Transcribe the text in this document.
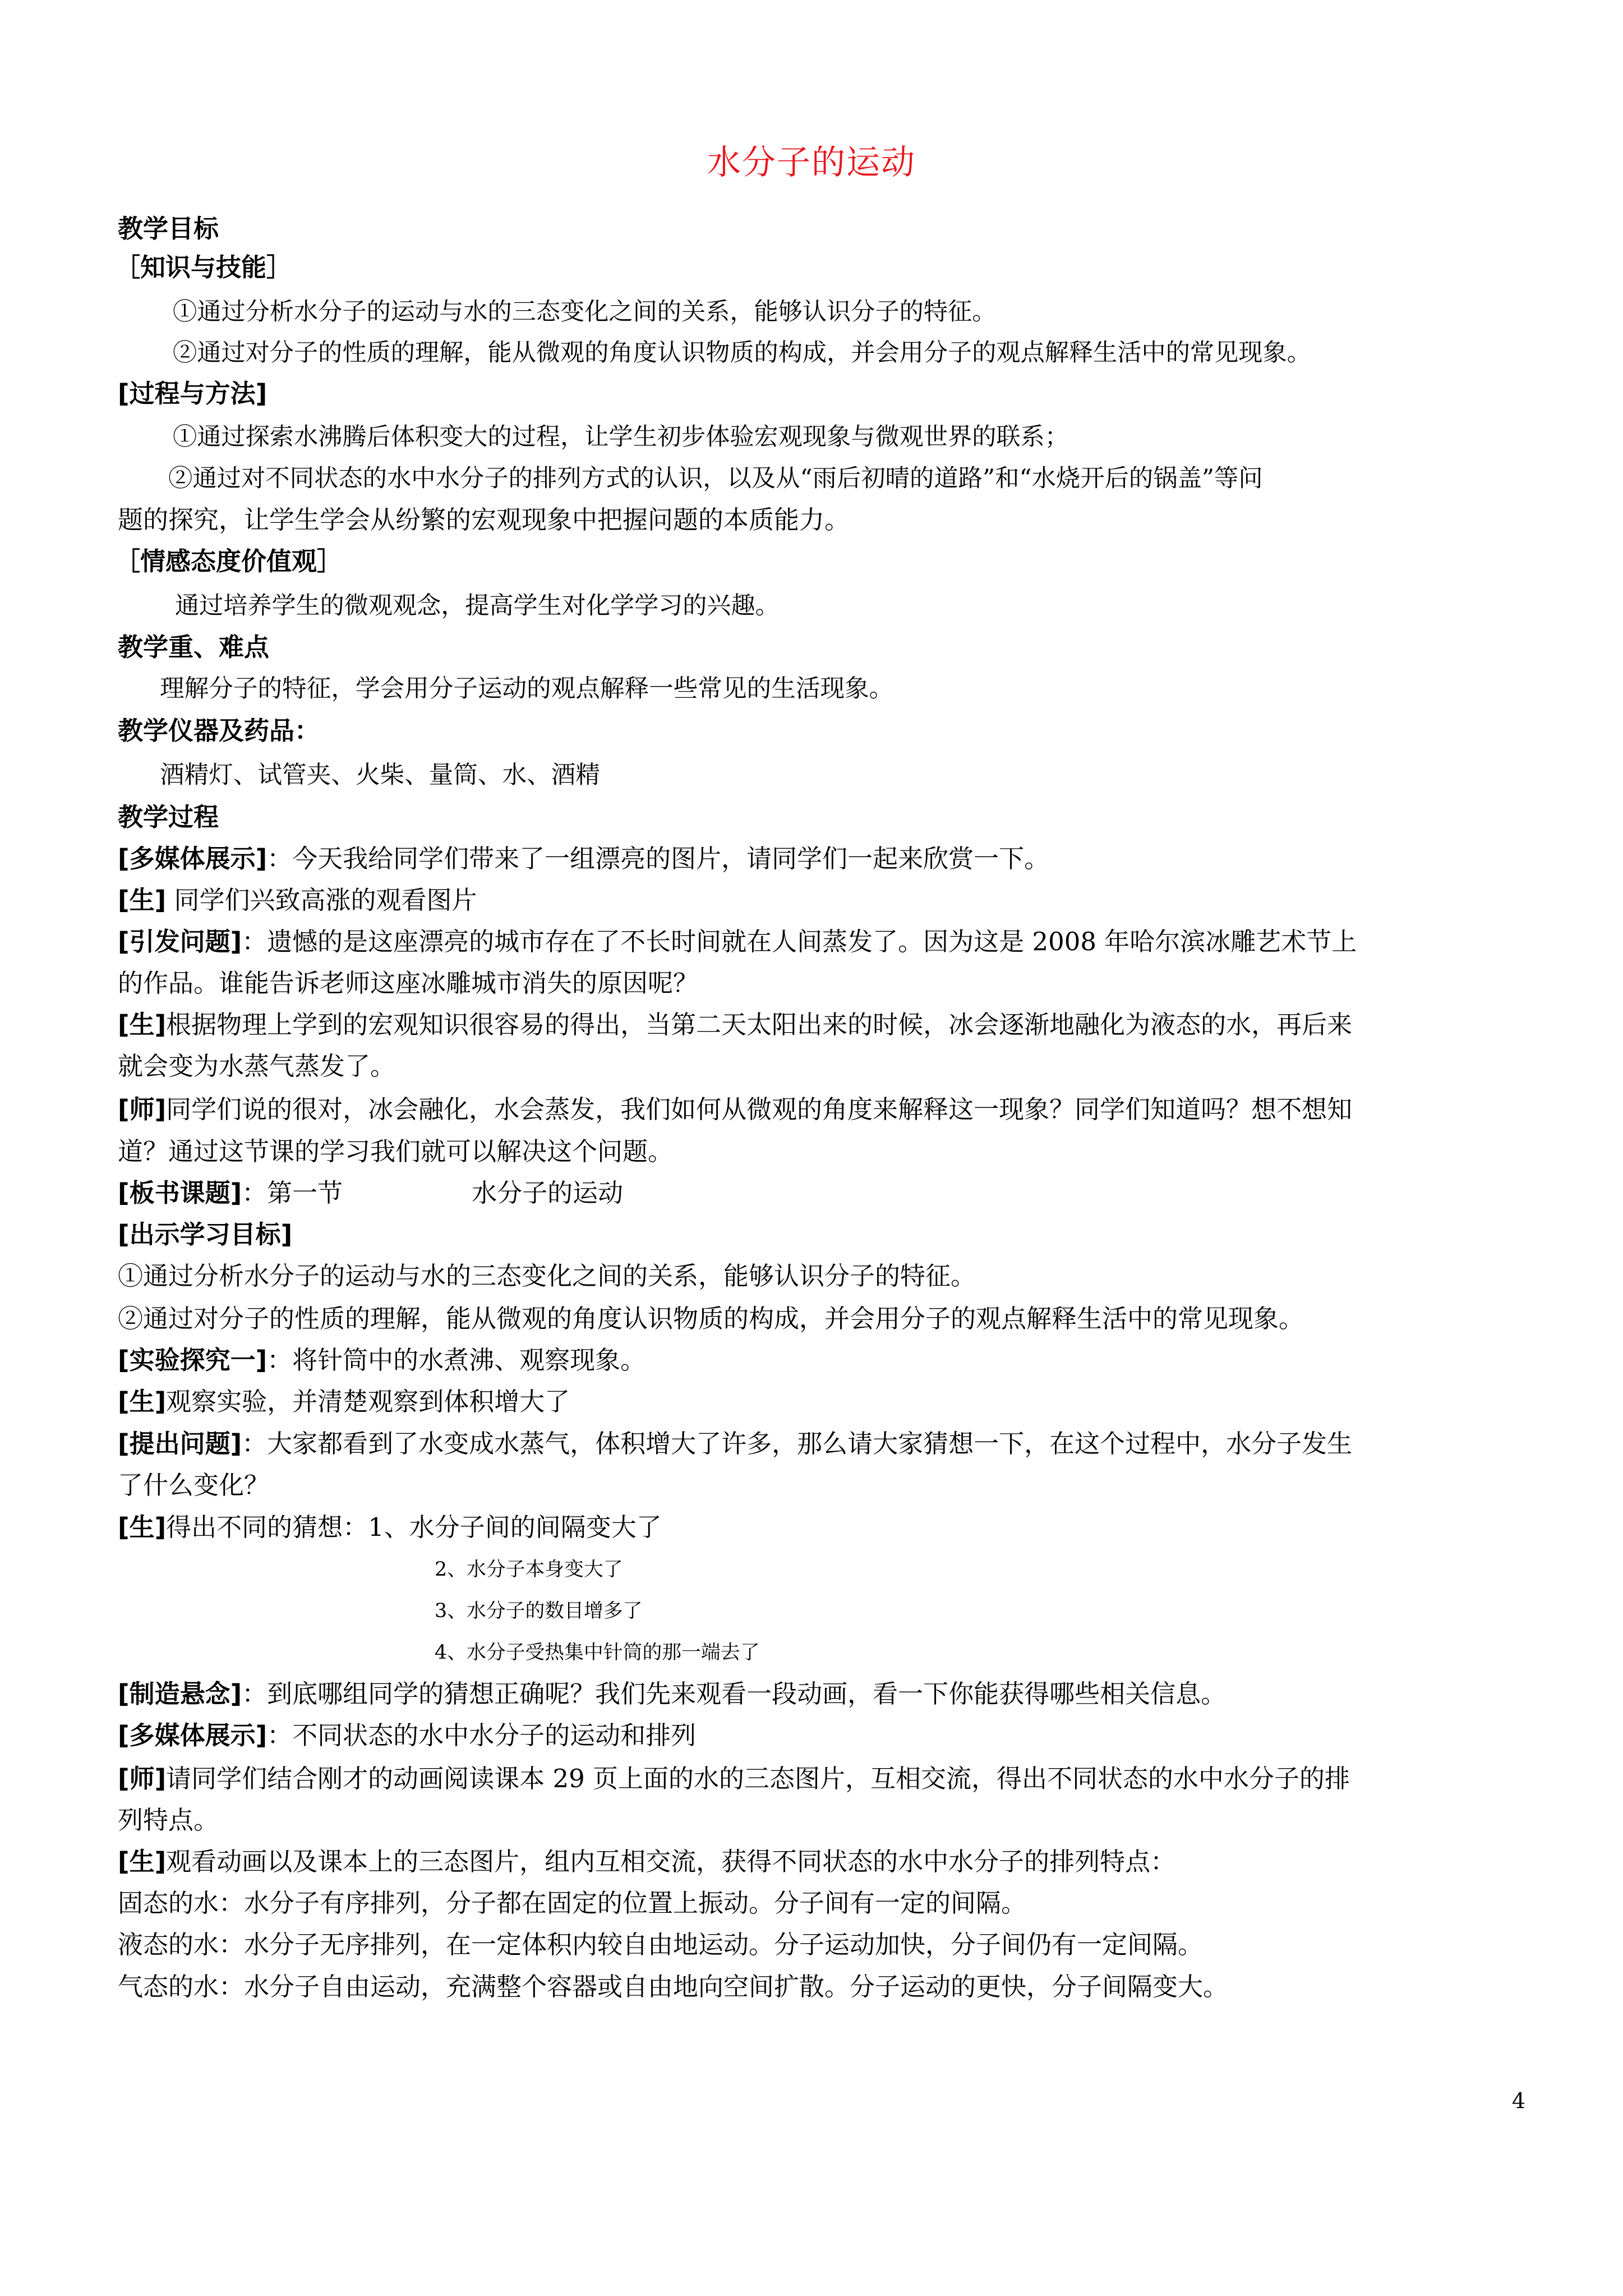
水分子的运动
教学目标
［知识与技能］
①通过分析水分子的运动与水的三态变化之间的关系，能够认识分子的特征。
②通过对分子的性质的理解，能从微观的角度认识物质的构成，并会用分子的观点解释生活中的常见现象。
[过程与方法]
①通过探索水沸腾后体积变大的过程，让学生初步体验宏观现象与微观世界的联系；
②通过对不同状态的水中水分子的排列方式的认识，以及从“雨后初晴的道路”和“水烧开后的锅盖”等问
题的探究，让学生学会从纷繁的宏观现象中把握问题的本质能力。
［情感态度价值观］
通过培养学生的微观观念，提高学生对化学学习的兴趣。
教学重、难点
理解分子的特征，学会用分子运动的观点解释一些常见的生活现象。
教学仪器及药品：
酒精灯、试管夹、火柴、量筒、水、酒精
教学过程
[多媒体展示]：今天我给同学们带来了一组漂亮的图片，请同学们一起来欣赏一下。
[生] 同学们兴致高涨的观看图片
[引发问题]：遗憾的是这座漂亮的城市存在了不长时间就在人间蒸发了。因为这是 2008 年哈尔滨冰雕艺术节上
的作品。谁能告诉老师这座冰雕城市消失的原因呢？
[生]根据物理上学到的宏观知识很容易的得出，当第二天太阳出来的时候，冰会逐渐地融化为液态的水，再后来
就会变为水蒸气蒸发了。
[师]同学们说的很对，冰会融化，水会蒸发，我们如何从微观的角度来解释这一现象？同学们知道吗？想不想知
道？通过这节课的学习我们就可以解决这个问题。
[板书课题]：第一节	水分子的运动
[出示学习目标]
①通过分析水分子的运动与水的三态变化之间的关系，能够认识分子的特征。
②通过对分子的性质的理解，能从微观的角度认识物质的构成，并会用分子的观点解释生活中的常见现象。
[实验探究一]：将针筒中的水煮沸、观察现象。
[生]观察实验，并清楚观察到体积增大了
[提出问题]：大家都看到了水变成水蒸气，体积增大了许多，那么请大家猜想一下，在这个过程中，水分子发生
了什么变化？
[生]得出不同的猜想：1、水分子间的间隔变大了
2、水分子本身变大了
3、水分子的数目增多了
4、水分子受热集中针筒的那一端去了
[制造悬念]：到底哪组同学的猜想正确呢？我们先来观看一段动画，看一下你能获得哪些相关信息。
[多媒体展示]：不同状态的水中水分子的运动和排列
[师]请同学们结合刚才的动画阅读课本 29 页上面的水的三态图片，互相交流，得出不同状态的水中水分子的排
列特点。
[生]观看动画以及课本上的三态图片，组内互相交流，获得不同状态的水中水分子的排列特点：
固态的水：水分子有序排列，分子都在固定的位置上振动。分子间有一定的间隔。
液态的水：水分子无序排列，在一定体积内较自由地运动。分子运动加快，分子间仍有一定间隔。
气态的水：水分子自由运动，充满整个容器或自由地向空间扩散。分子运动的更快，分子间隔变大。
4
